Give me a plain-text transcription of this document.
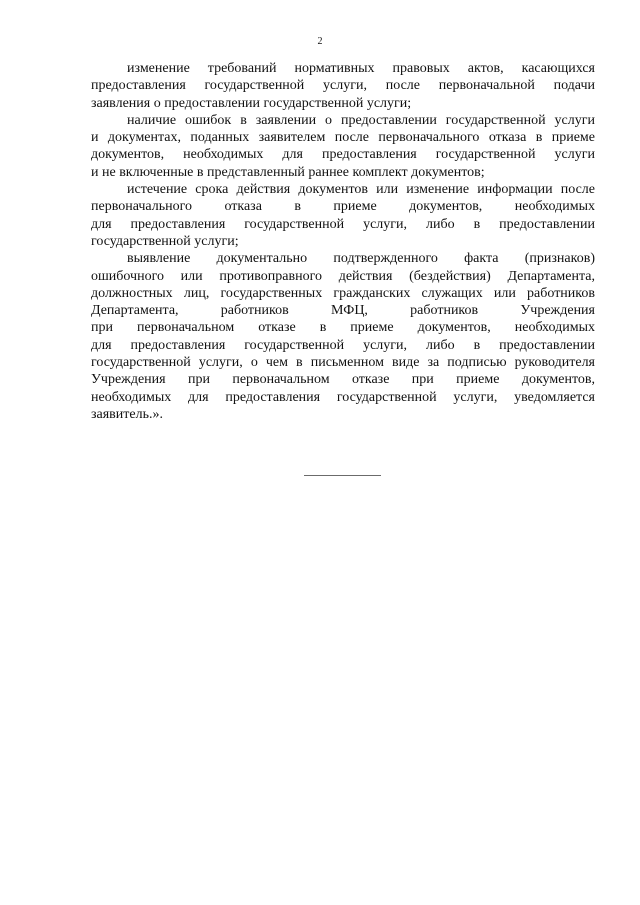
2

изменение требований нормативных правовых актов, касающихся
предоставления государственной услуги, после первоначальной подачи
заявления о предоставлении государственной услуги;

наличие ошибок в заявлении о предоставлении государственной услуги
и документах, поданных заявителем после первоначального отказа в приеме
документов, необходимых для предоставления государственной услуги
и не включенные в представленный раннее комплект документов;

истечение срока действия документов или изменение информации после
первоначального отказа в приеме документов, необходимых
для предоставления государственной услуги, либо в предоставлении
государственной услуги;

выявление документально подтвержденного факта (признаков)
ошибочного или противоправного действия (бездействия) Департамента,
должностных лиц, государственных гражданских служащих или работников
Департамента, работников МФЦ, работников Учреждения
при первоначальном отказе в приеме документов, необходимых
для предоставления государственной услуги, либо в предоставлении
государственной услуги, о чем в письменном виде за подписью руководителя
Учреждения при первоначальном отказе при приеме документов,
необходимых для предоставления государственной услуги, уведомляется
заявитель.».
